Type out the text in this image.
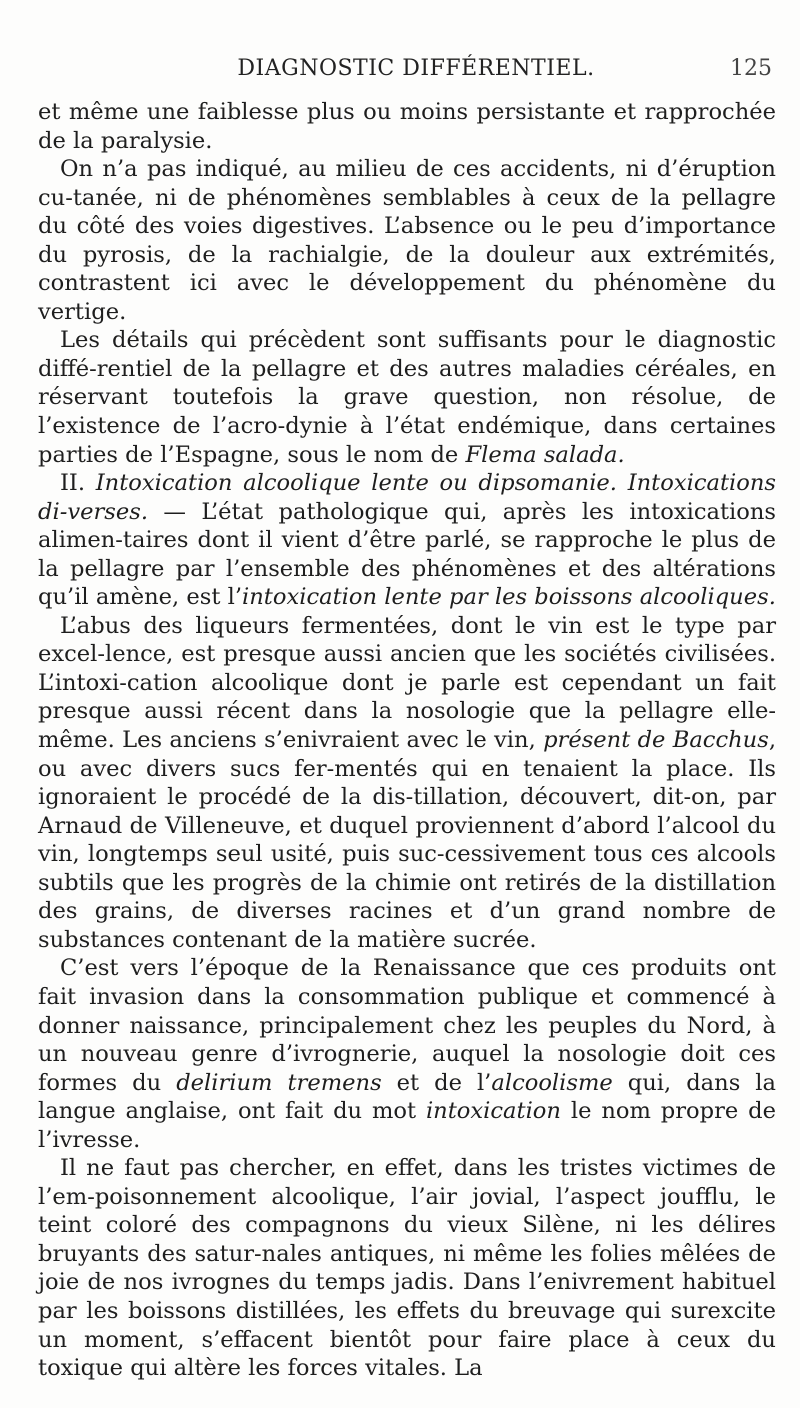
DIAGNOSTIC DIFFÉRENTIEL.	125

et même une faiblesse plus ou moins persistante et rapprochée de la paralysie.

On n’a pas indiqué, au milieu de ces accidents, ni d’éruption cu-tanée, ni de phénomènes semblables à ceux de la pellagre du côté des voies digestives. L’absence ou le peu d’importance du pyrosis, de la rachialgie, de la douleur aux extrémités, contrastent ici avec le développement du phénomène du vertige.

Les détails qui précèdent sont suffisants pour le diagnostic diffé-rentiel de la pellagre et des autres maladies céréales, en réservant toutefois la grave question, non résolue, de l’existence de l’acro-dynie à l’état endémique, dans certaines parties de l’Espagne, sous le nom de Flema salada.

II. Intoxication alcoolique lente ou dipsomanie. Intoxications di-verses. — L’état pathologique qui, après les intoxications alimen-taires dont il vient d’être parlé, se rapproche le plus de la pellagre par l’ensemble des phénomènes et des altérations qu’il amène, est l’intoxication lente par les boissons alcooliques.

L’abus des liqueurs fermentées, dont le vin est le type par excel-lence, est presque aussi ancien que les sociétés civilisées. L’intoxi-cation alcoolique dont je parle est cependant un fait presque aussi récent dans la nosologie que la pellagre elle-même. Les anciens s’enivraient avec le vin, présent de Bacchus, ou avec divers sucs fer-mentés qui en tenaient la place. Ils ignoraient le procédé de la dis-tillation, découvert, dit-on, par Arnaud de Villeneuve, et duquel proviennent d’abord l’alcool du vin, longtemps seul usité, puis suc-cessivement tous ces alcools subtils que les progrès de la chimie ont retirés de la distillation des grains, de diverses racines et d’un grand nombre de substances contenant de la matière sucrée.

C’est vers l’époque de la Renaissance que ces produits ont fait invasion dans la consommation publique et commencé à donner naissance, principalement chez les peuples du Nord, à un nouveau genre d’ivrognerie, auquel la nosologie doit ces formes du delirium tremens et de l’alcoolisme qui, dans la langue anglaise, ont fait du mot intoxication le nom propre de l’ivresse.

Il ne faut pas chercher, en effet, dans les tristes victimes de l’em-poisonnement alcoolique, l’air jovial, l’aspect joufflu, le teint coloré des compagnons du vieux Silène, ni les délires bruyants des satur-nales antiques, ni même les folies mêlées de joie de nos ivrognes du temps jadis. Dans l’enivrement habituel par les boissons distillées, les effets du breuvage qui surexcite un moment, s’effacent bientôt pour faire place à ceux du toxique qui altère les forces vitales. La
